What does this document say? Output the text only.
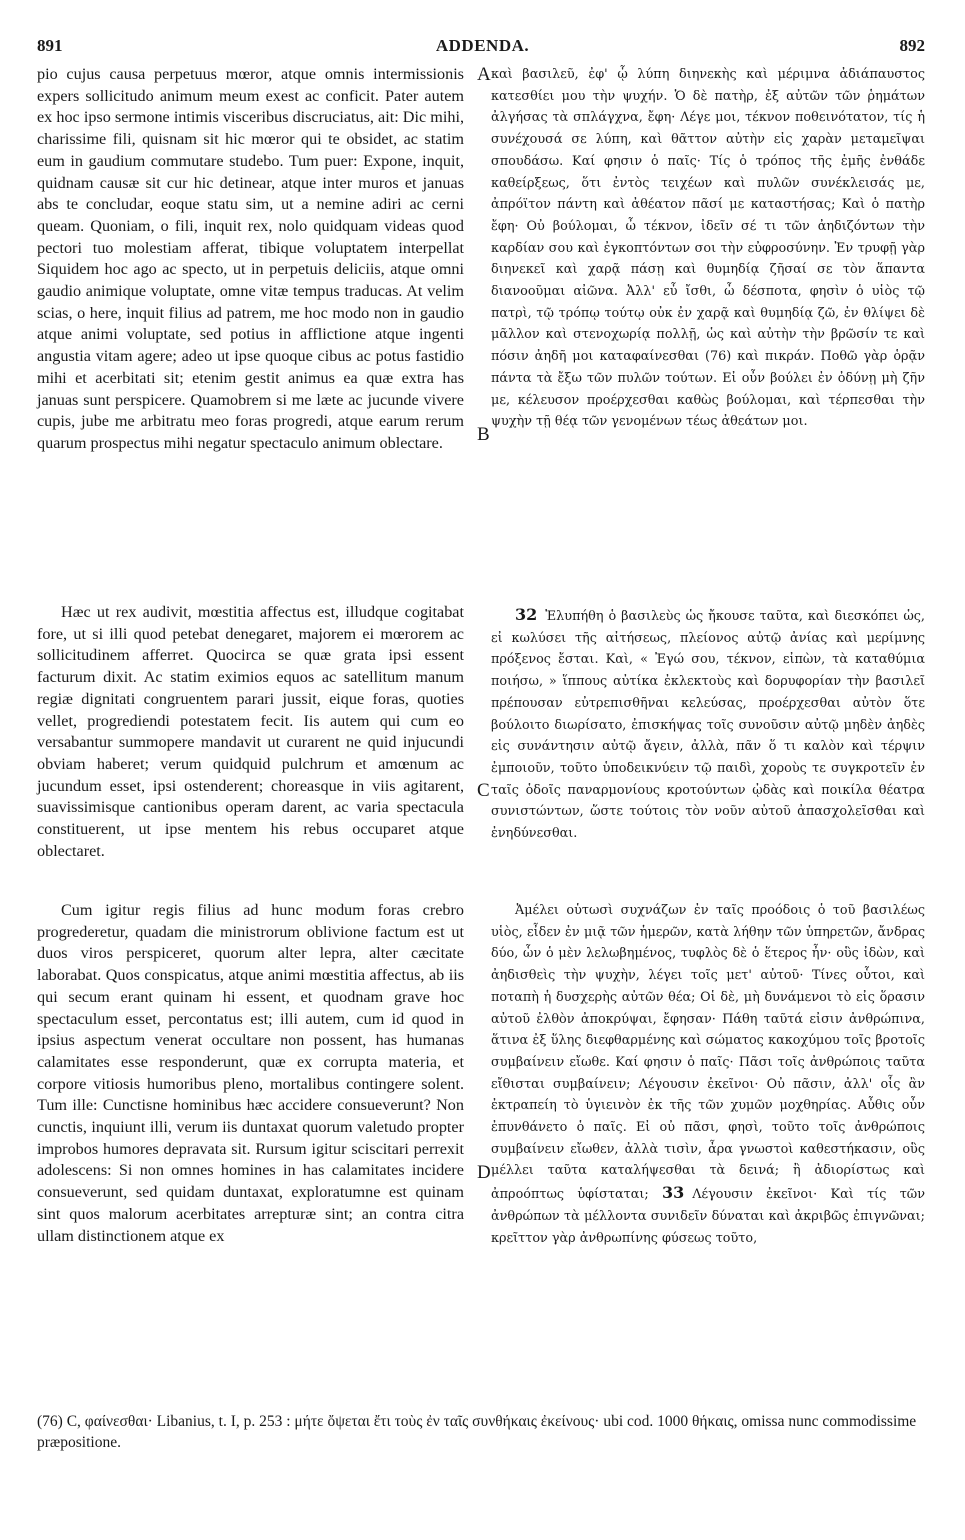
891	ADDENDA.	892

pio cujus causa perpetuus mœror, atque omnis intermissionis expers sollicitudo animum meum exest ac conficit. Pater autem ex hoc ipso sermone intimis visceribus discruciatus, ait: Dic mihi, charissime fili, quisnam sit hic mœror qui te obsidet, ac statim eum in gaudium commutare studebo. Tum puer: Expone, inquit, quidnam causæ sit cur hic detinear, atque inter muros et januas abs te concludar, eoque statu sim, ut a nemine adiri ac cerni queam. Quoniam, o fili, inquit rex, nolo quidquam videas quod pectori tuo molestiam afferat, tibique voluptatem interpellat Siquidem hoc ago ac specto, ut in perpetuis deliciis, atque omni gaudio animique voluptate, omne vitæ tempus traducas. At velim scias, o here, inquit filius ad patrem, me hoc modo non in gaudio atque animi voluptate, sed potius in afflictione atque ingenti angustia vitam agere; adeo ut ipse quoque cibus ac potus fastidio mihi et acerbitati sit; etenim gestit animus ea quæ extra has januas sunt perspicere. Quamobrem si me læte ac jucunde vivere cupis, jube me arbitratu meo foras progredi, atque earum rerum quarum prospectus mihi negatur spectaculo animum oblectare.

Hæc ut rex audivit, mœstitia affectus est, illudque cogitabat fore, ut si illi quod petebat denegaret, majorem ei mœrorem ac sollicitudinem afferret. Quocirca se quæ grata ipsi essent facturum dixit. Ac statim eximios equos ac satellitum manum regiæ dignitati congruentem parari jussit, eique foras, quoties vellet, progrediendi potestatem fecit. Iis autem qui cum eo versabantur summopere mandavit ut curarent ne quid injucundi obviam haberet; verum quidquid pulchrum et amœnum ac jucundum esset, ipsi ostenderent; choreasque in viis agitarent, suavissimisque cantionibus operam darent, ac varia spectacula constituerent, ut ipse mentem his rebus occuparet atque oblectaret.

Cum igitur regis filius ad hunc modum foras crebro progrederetur, quadam die ministrorum oblivione factum est ut duos viros perspiceret, quorum alter lepra, alter cæcitate laborabat. Quos conspicatus, atque animi mœstitia affectus, ab iis qui secum erant quinam hi essent, et quodnam grave hoc spectaculum esset, percontatus est; illi autem, cum id quod in ipsius aspectum venerat occultare non possent, has humanas calamitates esse responderunt, quæ ex corrupta materia, et corpore vitiosis humoribus pleno, mortalibus contingere solent. Tum ille: Cunctisne hominibus hæc accidere consueverunt? Non cunctis, inquiunt illi, verum iis duntaxat quorum valetudo propter improbos humores depravata sit. Rursum igitur sciscitari perrexit adolescens: Si non omnes homines in has calamitates incidere consueverunt, sed quidam duntaxat, exploratumne est quinam sint quos malorum acerbitates arrepturæ sint; an contra citra ullam distinctionem atque ex

A
B
C
D

καὶ βασιλεῦ, ἐφ' ᾧ λύπη διηνεκὴς καὶ μέριμνα ἀδιάπαυστος κατεσθίει μου τὴν ψυχήν. Ὁ δὲ πατὴρ, ἐξ αὐτῶν τῶν ῥημάτων ἀλγήσας τὰ σπλάγχνα, ἔφη· Λέγε μοι, τέκνον ποθεινότατον, τίς ἡ συνέχουσά σε λύπη, καὶ θᾶττον αὐτὴν εἰς χαρὰν μεταμεῖψαι σπουδάσω. Καί φησιν ὁ παῖς· Τίς ὁ τρόπος τῆς ἐμῆς ἐνθάδε καθείρξεως, ὅτι ἐντὸς τειχέων καὶ πυλῶν συνέκλεισάς με, ἀπρόϊτον πάντη καὶ ἀθέατον πᾶσί με καταστήσας; Καὶ ὁ πατὴρ ἔφη· Οὐ βούλομαι, ὦ τέκνον, ἰδεῖν σέ τι τῶν ἀηδιζόντων τὴν καρδίαν σου καὶ ἐγκοπτόντων σοι τὴν εὐφροσύνην. Ἐν τρυφῇ γὰρ διηνεκεῖ καὶ χαρᾷ πάσῃ καὶ θυμηδίᾳ ζῆσαί σε τὸν ἅπαντα διανοοῦμαι αἰῶνα. Ἀλλ' εὖ ἴσθι, ὦ δέσποτα, φησὶν ὁ υἱὸς τῷ πατρὶ, τῷ τρόπῳ τούτῳ οὐκ ἐν χαρᾷ καὶ θυμηδίᾳ ζῶ, ἐν θλίψει δὲ μᾶλλον καὶ στενοχωρίᾳ πολλῇ, ὡς καὶ αὐτὴν τὴν βρῶσίν τε καὶ πόσιν ἀηδῆ μοι καταφαίνεσθαι (76) καὶ πικράν. Ποθῶ γὰρ ὁρᾷν πάντα τὰ ἔξω τῶν πυλῶν τούτων. Εἰ οὖν βούλει ἐν ὀδύνῃ μὴ ζῆν με, κέλευσον προέρχεσθαι καθὼς βούλομαι, καὶ τέρπεσθαι τὴν ψυχὴν τῇ θέᾳ τῶν γενομένων τέως ἀθεάτων μοι.

32 Ἐλυπήθη ὁ βασιλεὺς ὡς ἤκουσε ταῦτα, καὶ διεσκόπει ὡς, εἰ κωλύσει τῆς αἰτήσεως, πλείονος αὐτῷ ἀνίας καὶ μερίμνης πρόξενος ἔσται. Καὶ, « Ἐγώ σου, τέκνον, εἰπὼν, τὰ καταθύμια ποιήσω, » ἵππους αὐτίκα ἐκλεκτοὺς καὶ δορυφορίαν τὴν βασιλεῖ πρέπουσαν εὐτρεπισθῆναι κελεύσας, προέρχεσθαι αὐτὸν ὅτε βούλοιτο διωρίσατο, ἐπισκήψας τοῖς συνοῦσιν αὐτῷ μηδὲν ἀηδὲς εἰς συνάντησιν αὐτῷ ἄγειν, ἀλλὰ, πᾶν ὅ τι καλὸν καὶ τέρψιν ἐμποιοῦν, τοῦτο ὑποδεικνύειν τῷ παιδὶ, χοροὺς τε συγκροτεῖν ἐν ταῖς ὁδοῖς παναρμονίους κροτούντων ᾠδὰς καὶ ποικίλα θέατρα συνιστώντων, ὥστε τούτοις τὸν νοῦν αὐτοῦ ἀπασχολεῖσθαι καὶ ἐνηδύνεσθαι.

Ἀμέλει οὑτωσὶ συχνάζων ἐν ταῖς προόδοις ὁ τοῦ βασιλέως υἱὸς, εἶδεν ἐν μιᾷ τῶν ἡμερῶν, κατὰ λήθην τῶν ὑπηρετῶν, ἄνδρας δύο, ὧν ὁ μὲν λελωβημένος, τυφλὸς δὲ ὁ ἕτερος ἦν· οὓς ἰδὼν, καὶ ἀηδισθεὶς τὴν ψυχὴν, λέγει τοῖς μετ' αὐτοῦ· Τίνες οὗτοι, καὶ ποταπὴ ἡ δυσχερὴς αὐτῶν θέα; Οἱ δὲ, μὴ δυνάμενοι τὸ εἰς ὅρασιν αὐτοῦ ἐλθὸν ἀποκρύψαι, ἔφησαν· Πάθη ταῦτά εἰσιν ἀνθρώπινα, ἅτινα ἐξ ὕλης διεφθαρμένης καὶ σώματος κακοχύμου τοῖς βροτοῖς συμβαίνειν εἴωθε. Καί φησιν ὁ παῖς· Πᾶσι τοῖς ἀνθρώποις ταῦτα εἴθισται συμβαίνειν; Λέγουσιν ἐκεῖνοι· Οὐ πᾶσιν, ἀλλ' οἷς ἂν ἐκτραπείη τὸ ὑγιεινὸν ἐκ τῆς τῶν χυμῶν μοχθηρίας. Αὖθις οὖν ἐπυνθάνετο ὁ παῖς. Εἰ οὐ πᾶσι, φησὶ, τοῦτο τοῖς ἀνθρώποις συμβαίνειν εἴωθεν, ἀλλὰ τισὶν, ἆρα γνωστοὶ καθεστήκασιν, οὓς μέλλει ταῦτα καταλήψεσθαι τὰ δεινά; ἢ ἀδιορίστως καὶ ἀπροόπτως ὑφίσταται; 33 Λέγουσιν ἐκεῖνοι· Καὶ τίς τῶν ἀνθρώπων τὰ μέλλοντα συνιδεῖν δύναται καὶ ἀκριβῶς ἐπιγνῶναι; κρεῖττον γὰρ ἀνθρωπίνης φύσεως τοῦτο,

(76) C, φαίνεσθαι· Libanius, t. I, p. 253 : μήτε ὄψεται ἔτι τοὺς ἐν ταῖς συνθήκαις ἐκείνους· ubi cod. 1000 θήκαις, omissa nunc commodissime præpositione.
